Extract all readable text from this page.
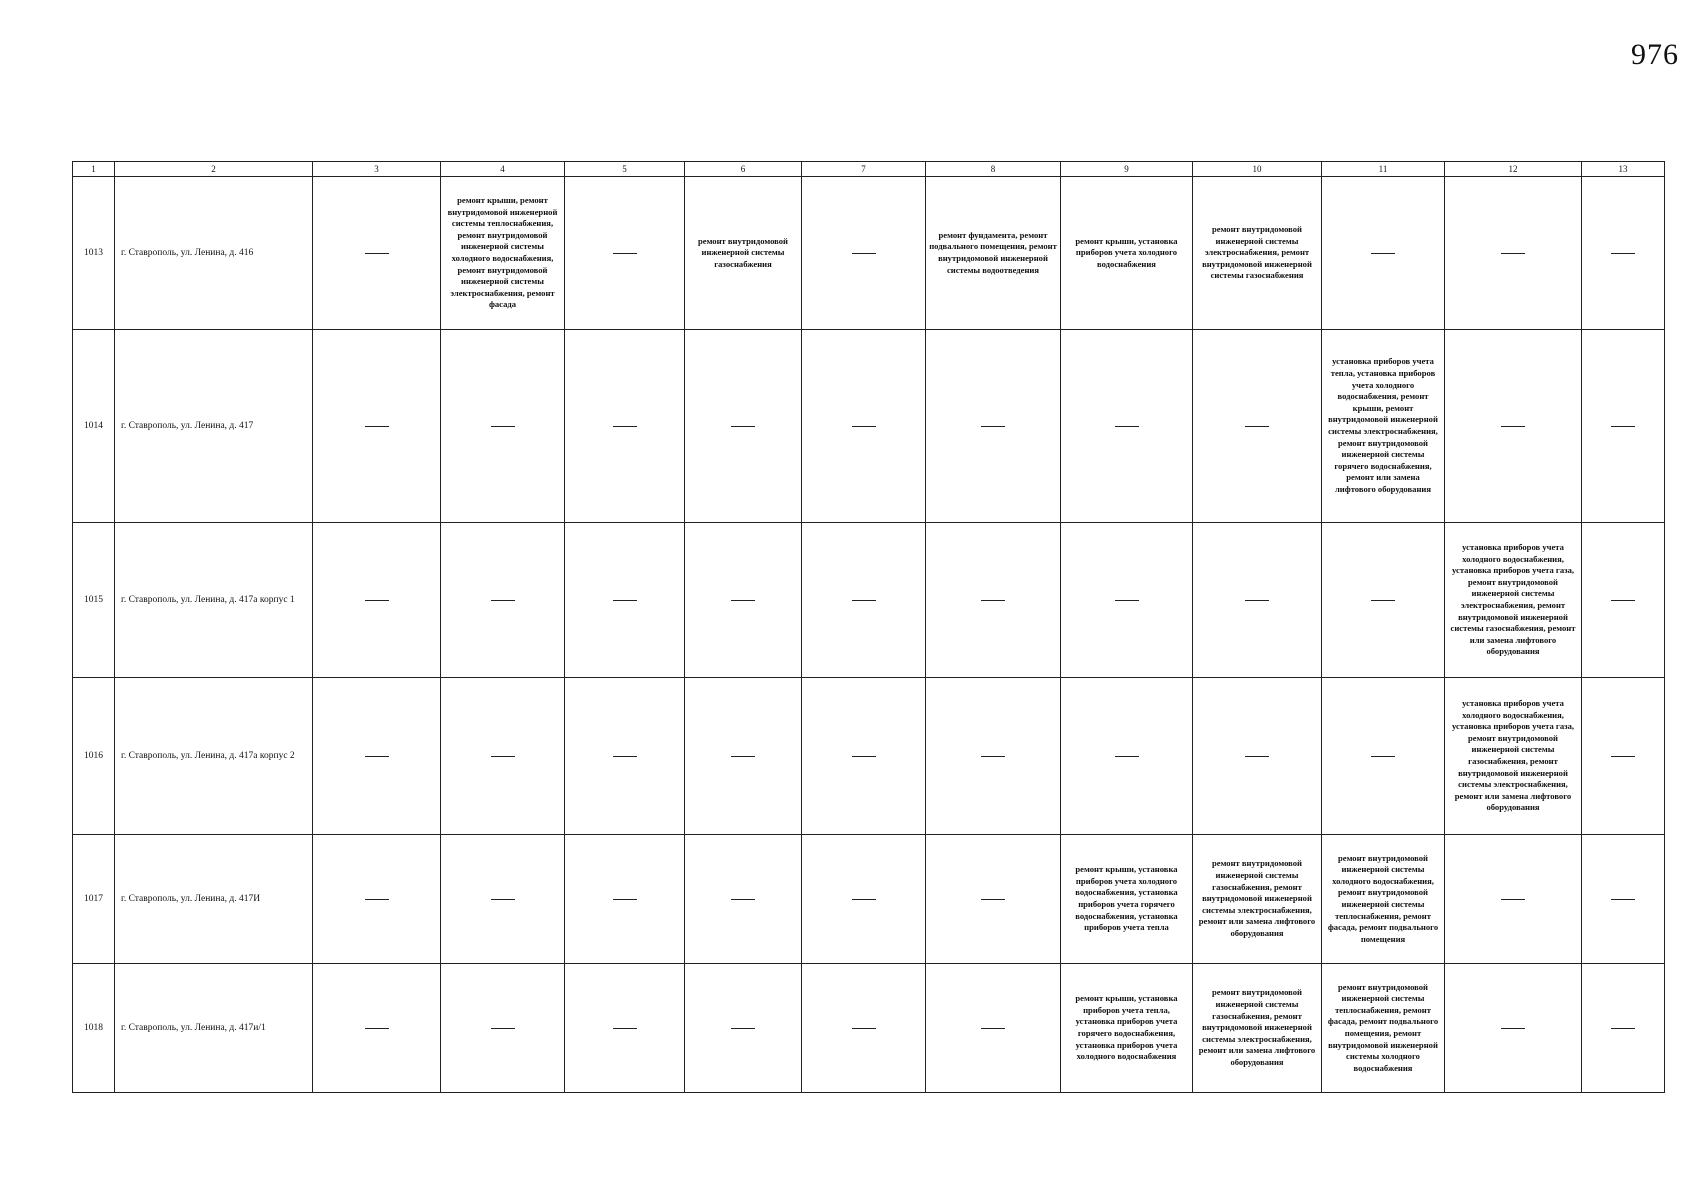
976
1	2	3	4	5	6	7	8	9	10	11	12	13
1013	г. Ставрополь, ул. Ленина, д. 416		ремонт крыши, ремонт внутридомовой инженерной системы теплоснабжения, ремонт внутридомовой инженерной системы холодного водоснабжения, ремонт внутридомовой инженерной системы электроснабжения, ремонт фасада		ремонт внутридомовой инженерной системы газоснабжения		ремонт фундамента, ремонт подвального помещения, ремонт внутридомовой инженерной системы водоотведения	ремонт крыши, установка приборов учета холодного водоснабжения	ремонт внутридомовой инженерной системы электроснабжения, ремонт внутридомовой инженерной системы газоснабжения			
1014	г. Ставрополь, ул. Ленина, д. 417									установка приборов учета тепла, установка приборов учета холодного водоснабжения, ремонт крыши, ремонт внутридомовой инженерной системы электроснабжения, ремонт внутридомовой инженерной системы горячего водоснабжения, ремонт или замена лифтового оборудования		
1015	г. Ставрополь, ул. Ленина, д. 417а корпус 1										установка приборов учета холодного водоснабжения, установка приборов учета газа, ремонт внутридомовой инженерной системы электроснабжения, ремонт внутридомовой инженерной системы газоснабжения, ремонт или замена лифтового оборудования	
1016	г. Ставрополь, ул. Ленина, д. 417а корпус 2										установка приборов учета холодного водоснабжения, установка приборов учета газа, ремонт внутридомовой инженерной системы газоснабжения, ремонт внутридомовой инженерной системы электроснабжения, ремонт или замена лифтового оборудования	
1017	г. Ставрополь, ул. Ленина, д. 417И							ремонт крыши, установка приборов учета холодного водоснабжения, установка приборов учета горячего водоснабжения, установка приборов учета тепла	ремонт внутридомовой инженерной системы газоснабжения, ремонт внутридомовой инженерной системы электроснабжения, ремонт или замена лифтового оборудования	ремонт внутридомовой инженерной системы холодного водоснабжения, ремонт внутридомовой инженерной системы теплоснабжения, ремонт фасада, ремонт подвального помещения		
1018	г. Ставрополь, ул. Ленина, д. 417и/1							ремонт крыши, установка приборов учета тепла, установка приборов учета горячего водоснабжения, установка приборов учета холодного водоснабжения	ремонт внутридомовой инженерной системы газоснабжения, ремонт внутридомовой инженерной системы электроснабжения, ремонт или замена лифтового оборудования	ремонт внутридомовой инженерной системы теплоснабжения, ремонт фасада, ремонт подвального помещения, ремонт внутридомовой инженерной системы холодного водоснабжения		
